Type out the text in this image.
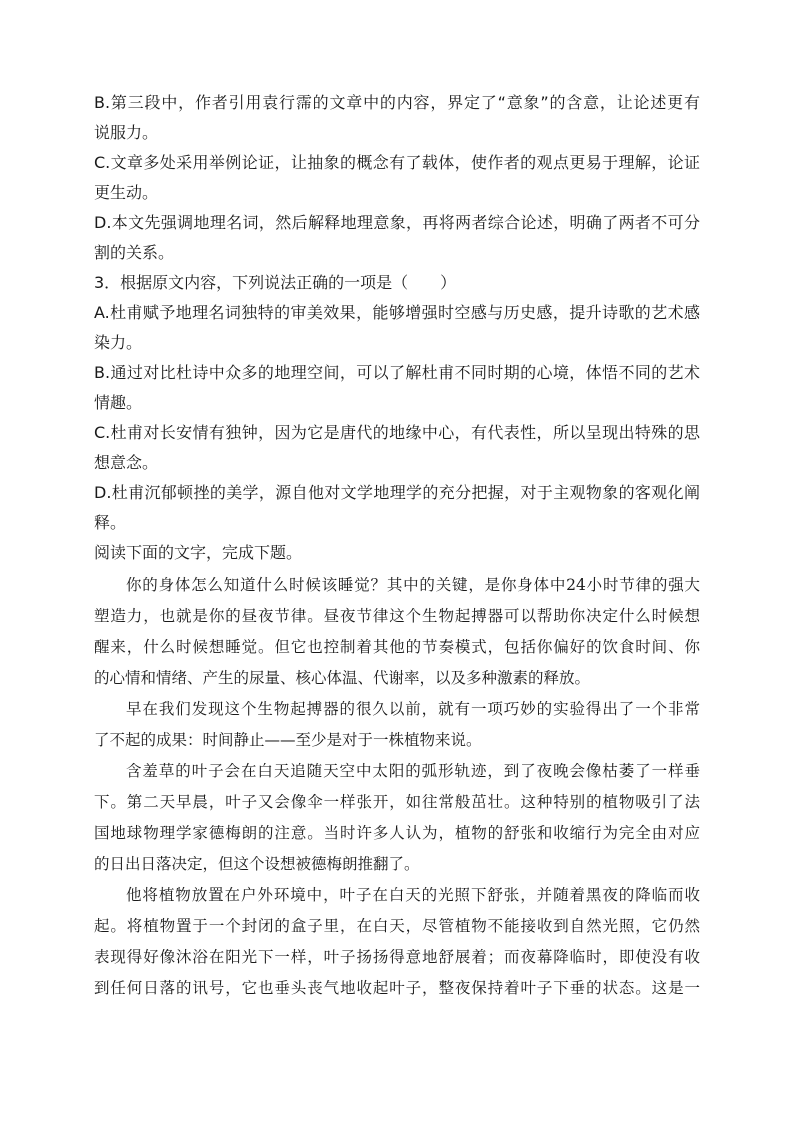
B.第三段中，作者引用袁行霈的文章中的内容，界定了“意象”的含意，让论述更有
说服力。
C.文章多处采用举例论证，让抽象的概念有了载体，使作者的观点更易于理解，论证
更生动。
D.本文先强调地理名词，然后解释地理意象，再将两者综合论述，明确了两者不可分
割的关系。
3．根据原文内容，下列说法正确的一项是（　　）
A.杜甫赋予地理名词独特的审美效果，能够增强时空感与历史感，提升诗歌的艺术感
染力。
B.通过对比杜诗中众多的地理空间，可以了解杜甫不同时期的心境，体悟不同的艺术
情趣。
C.杜甫对长安情有独钟，因为它是唐代的地缘中心，有代表性，所以呈现出特殊的思
想意念。
D.杜甫沉郁顿挫的美学，源自他对文学地理学的充分把握，对于主观物象的客观化阐
释。
阅读下面的文字，完成下题。
你的身体怎么知道什么时候该睡觉？其中的关键，是你身体中24小时节律的强大
塑造力，也就是你的昼夜节律。昼夜节律这个生物起搏器可以帮助你决定什么时候想
醒来，什么时候想睡觉。但它也控制着其他的节奏模式，包括你偏好的饮食时间、你
的心情和情绪、产生的尿量、核心体温、代谢率，以及多种激素的释放。
早在我们发现这个生物起搏器的很久以前，就有一项巧妙的实验得出了一个非常
了不起的成果：时间静止——至少是对于一株植物来说。
含羞草的叶子会在白天追随天空中太阳的弧形轨迹，到了夜晚会像枯萎了一样垂
下。第二天早晨，叶子又会像伞一样张开，如往常般茁壮。这种特别的植物吸引了法
国地球物理学家德梅朗的注意。当时许多人认为，植物的舒张和收缩行为完全由对应
的日出日落决定，但这个设想被德梅朗推翻了。
他将植物放置在户外环境中，叶子在白天的光照下舒张，并随着黑夜的降临而收
起。将植物置于一个封闭的盒子里，在白天，尽管植物不能接收到自然光照，它仍然
表现得好像沐浴在阳光下一样，叶子扬扬得意地舒展着；而夜幕降临时，即使没有收
到任何日落的讯号，它也垂头丧气地收起叶子，整夜保持着叶子下垂的状态。这是一
